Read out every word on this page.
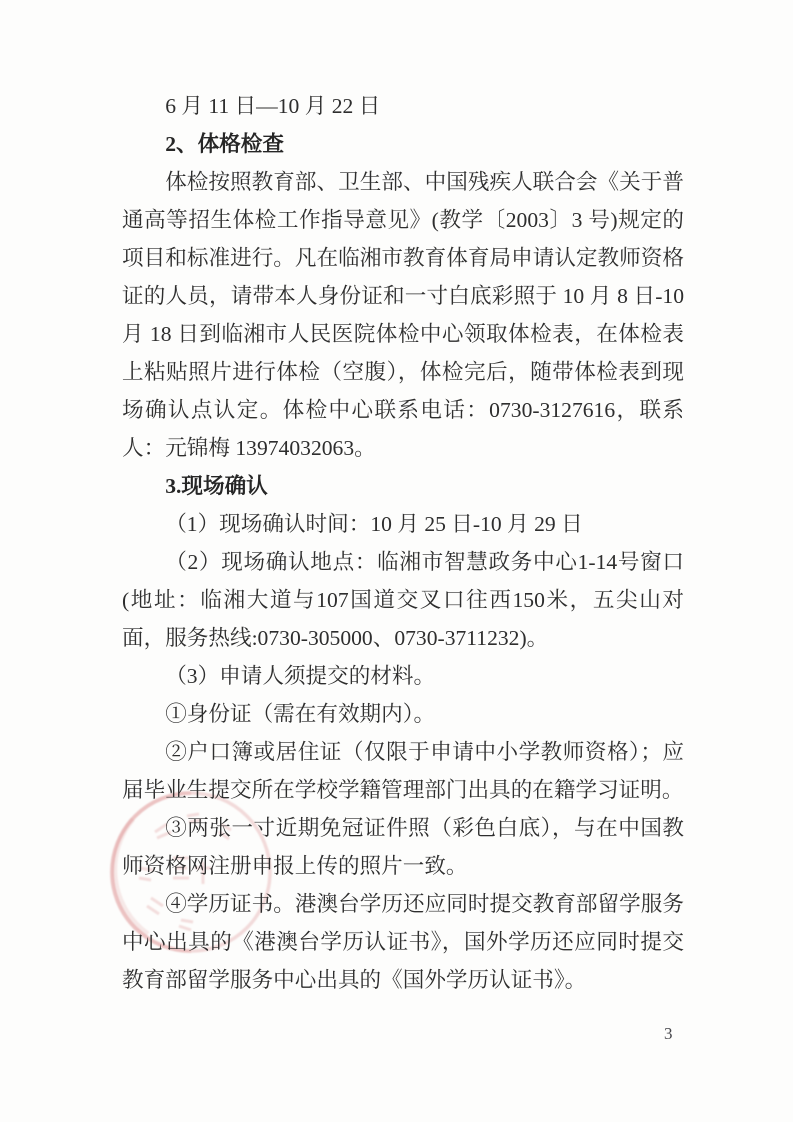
6 月 11 日—10 月 22 日

2、体格检查

体检按照教育部、卫生部、中国残疾人联合会《关于普通高等招生体检工作指导意见》(教学〔2003〕3 号)规定的项目和标准进行。凡在临湘市教育体育局申请认定教师资格证的人员，请带本人身份证和一寸白底彩照于 10 月 8 日-10 月 18 日到临湘市人民医院体检中心领取体检表，在体检表上粘贴照片进行体检（空腹），体检完后，随带体检表到现场确认点认定。体检中心联系电话：0730-3127616，联系人：元锦梅 13974032063。

3.现场确认

（1）现场确认时间：10 月 25 日-10 月 29 日

（2）现场确认地点：临湘市智慧政务中心1-14号窗口(地址：临湘大道与107国道交叉口往西150米，五尖山对面，服务热线:0730-305000、0730-3711232)。

（3）申请人须提交的材料。

①身份证（需在有效期内）。

②户口簿或居住证（仅限于申请中小学教师资格）；应届毕业生提交所在学校学籍管理部门出具的在籍学习证明。

③两张一寸近期免冠证件照（彩色白底），与在中国教师资格网注册申报上传的照片一致。

④学历证书。港澳台学历还应同时提交教育部留学服务中心出具的《港澳台学历认证书》，国外学历还应同时提交教育部留学服务中心出具的《国外学历认证书》。

3
